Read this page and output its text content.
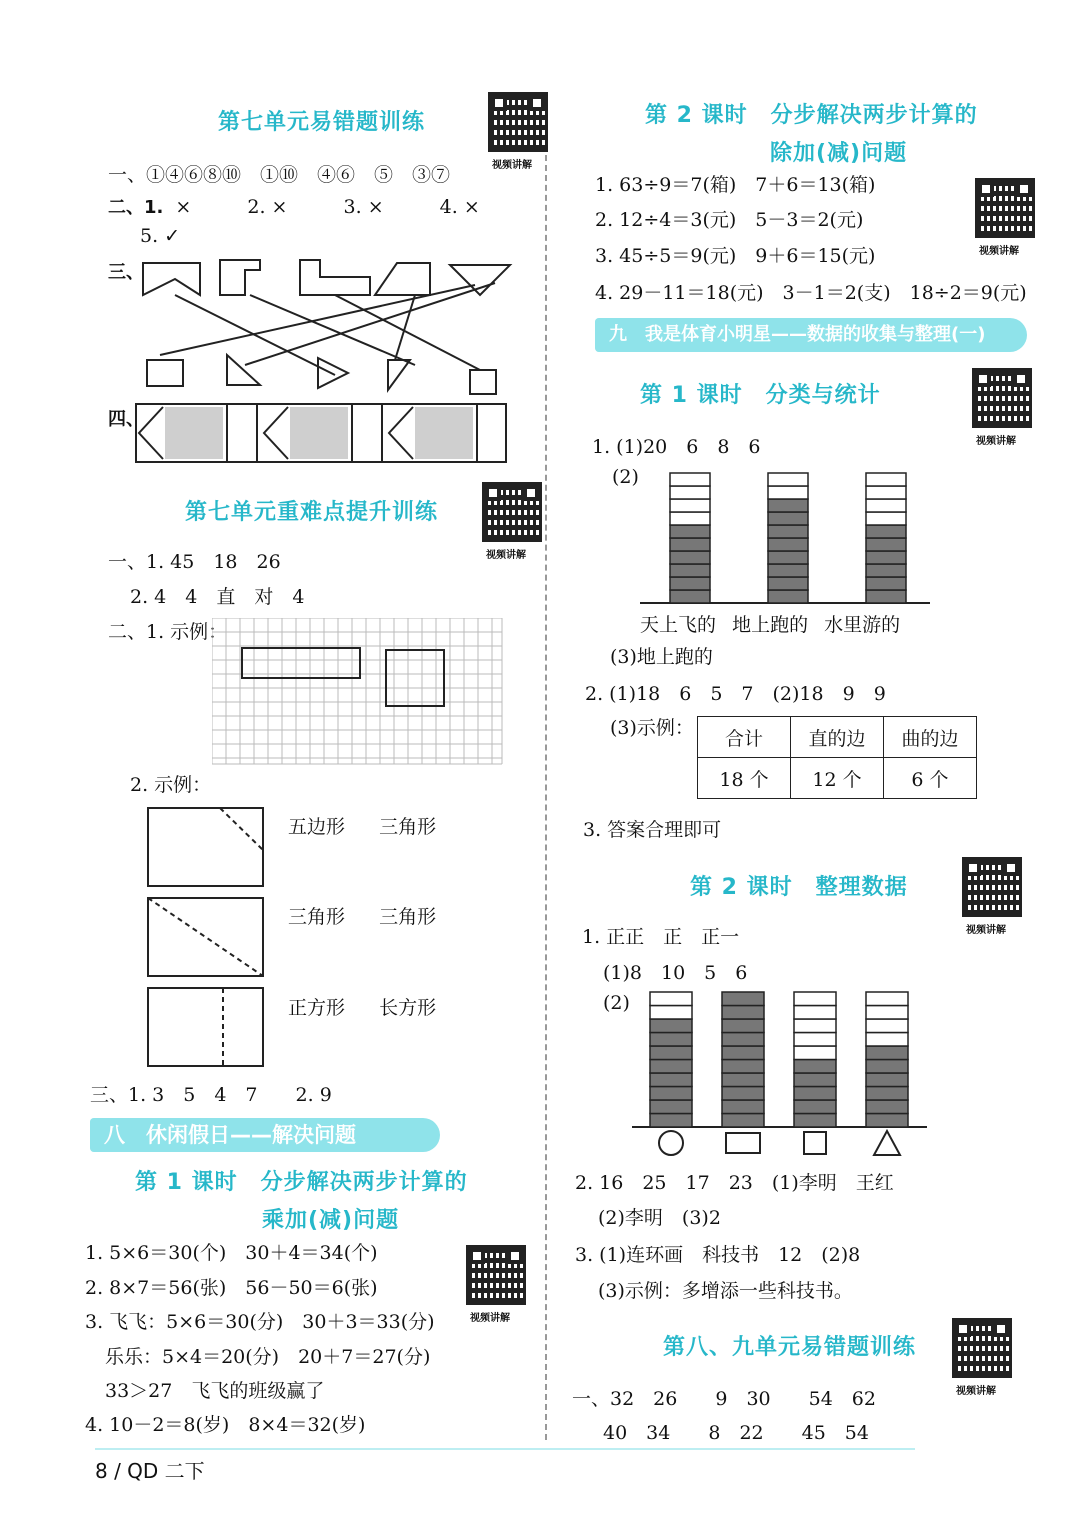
第七单元易错题训练
视频讲解
一、①④⑥⑧⑩　①⑩　④⑥　⑤　③⑦
二、1. ×	2. ×	3. ×	4. ×
5. ✓
三、
四、
第七单元重难点提升训练
视频讲解
一、1. 45　18　26
2. 4　4　直　对　4
二、1. 示例：
2. 示例：
五边形 三角形
三角形 三角形
正方形 长方形
三、1. 3　5　4　7　　2. 9
八　休闲假日——解决问题
第 1 课时　分步解决两步计算的
乘加(减)问题
1. 5×6＝30(个)　30＋4＝34(个)
2. 8×7＝56(张)　56－50＝6(张)
3. 飞飞：5×6＝30(分)　30＋3＝33(分)
乐乐：5×4＝20(分)　20＋7＝27(分)
33＞27　飞飞的班级赢了
4. 10－2＝8(岁)　8×4＝32(岁)
视频讲解
第 2 课时　分步解决两步计算的
除加(减)问题
1. 63÷9＝7(箱)　7＋6＝13(箱)
2. 12÷4＝3(元)　5－3＝2(元)
3. 45÷5＝9(元)　9＋6＝15(元)
4. 29－11＝18(元)　3－1＝2(支)　18÷2＝9(元)
视频讲解
九　我是体育小明星——数据的收集与整理(一)
第 1 课时　分类与统计
视频讲解
1. (1)20　6　8　6
(2)
天上飞的 地上跑的 水里游的
(3)地上跑的
2. (1)18　6　5　7　(2)18　9　9
(3)示例： 合计	直的边	曲的边
18 个	12 个	6 个
3. 答案合理即可
第 2 课时　整理数据
视频讲解
1. 正正　正　正一
(1)8　10　5　6
(2)
2. 16　25　17　23　(1)李明　王红
(2)李明　(3)2
3. (1)连环画　科技书　12　(2)8
(3)示例：多增添一些科技书。
第八、九单元易错题训练
视频讲解
一、32　26　　9　30　　54　62
40　34　　8　22　　45　54
8 / QD 二下
